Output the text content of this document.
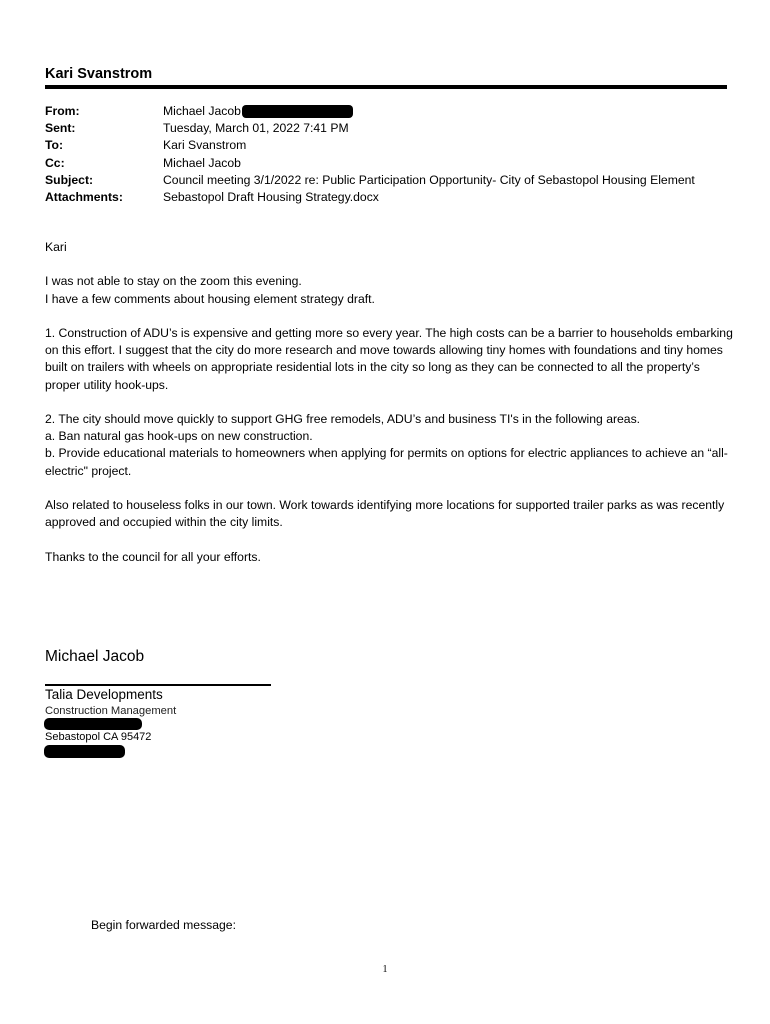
Kari Svanstrom
From:	Michael Jacob
Sent:	Tuesday, March 01, 2022 7:41 PM
To:	Kari Svanstrom
Cc:	Michael Jacob
Subject:	Council meeting 3/1/2022 re: Public Participation Opportunity- City of Sebastopol Housing Element
Attachments:	Sebastopol Draft Housing Strategy.docx

Kari

I was not able to stay on the zoom this evening.

I have a few comments about housing element strategy draft.

1. Construction of ADU’s is expensive and getting more so every year. The high costs can be a barrier to households embarking on this effort. I suggest that the city do more research and move towards allowing tiny homes with foundations and tiny homes built on trailers with wheels on appropriate residential lots in the city so long as they can be connected to all the property’s proper utility hook-ups.

2. The city should move quickly to support GHG free remodels, ADU’s and business TI's in the following areas.

a. Ban natural gas hook-ups on new construction.

b. Provide educational materials to homeowners when applying for permits on options for electric appliances to achieve an “all-electric" project.

Also related to houseless folks in our town. Work towards identifying more locations for supported trailer parks as was recently approved and occupied within the city limits.

Thanks to the council for all your efforts.

Michael Jacob
Talia Developments
Construction Management
Sebastopol CA 95472
Begin forwarded message:
1
